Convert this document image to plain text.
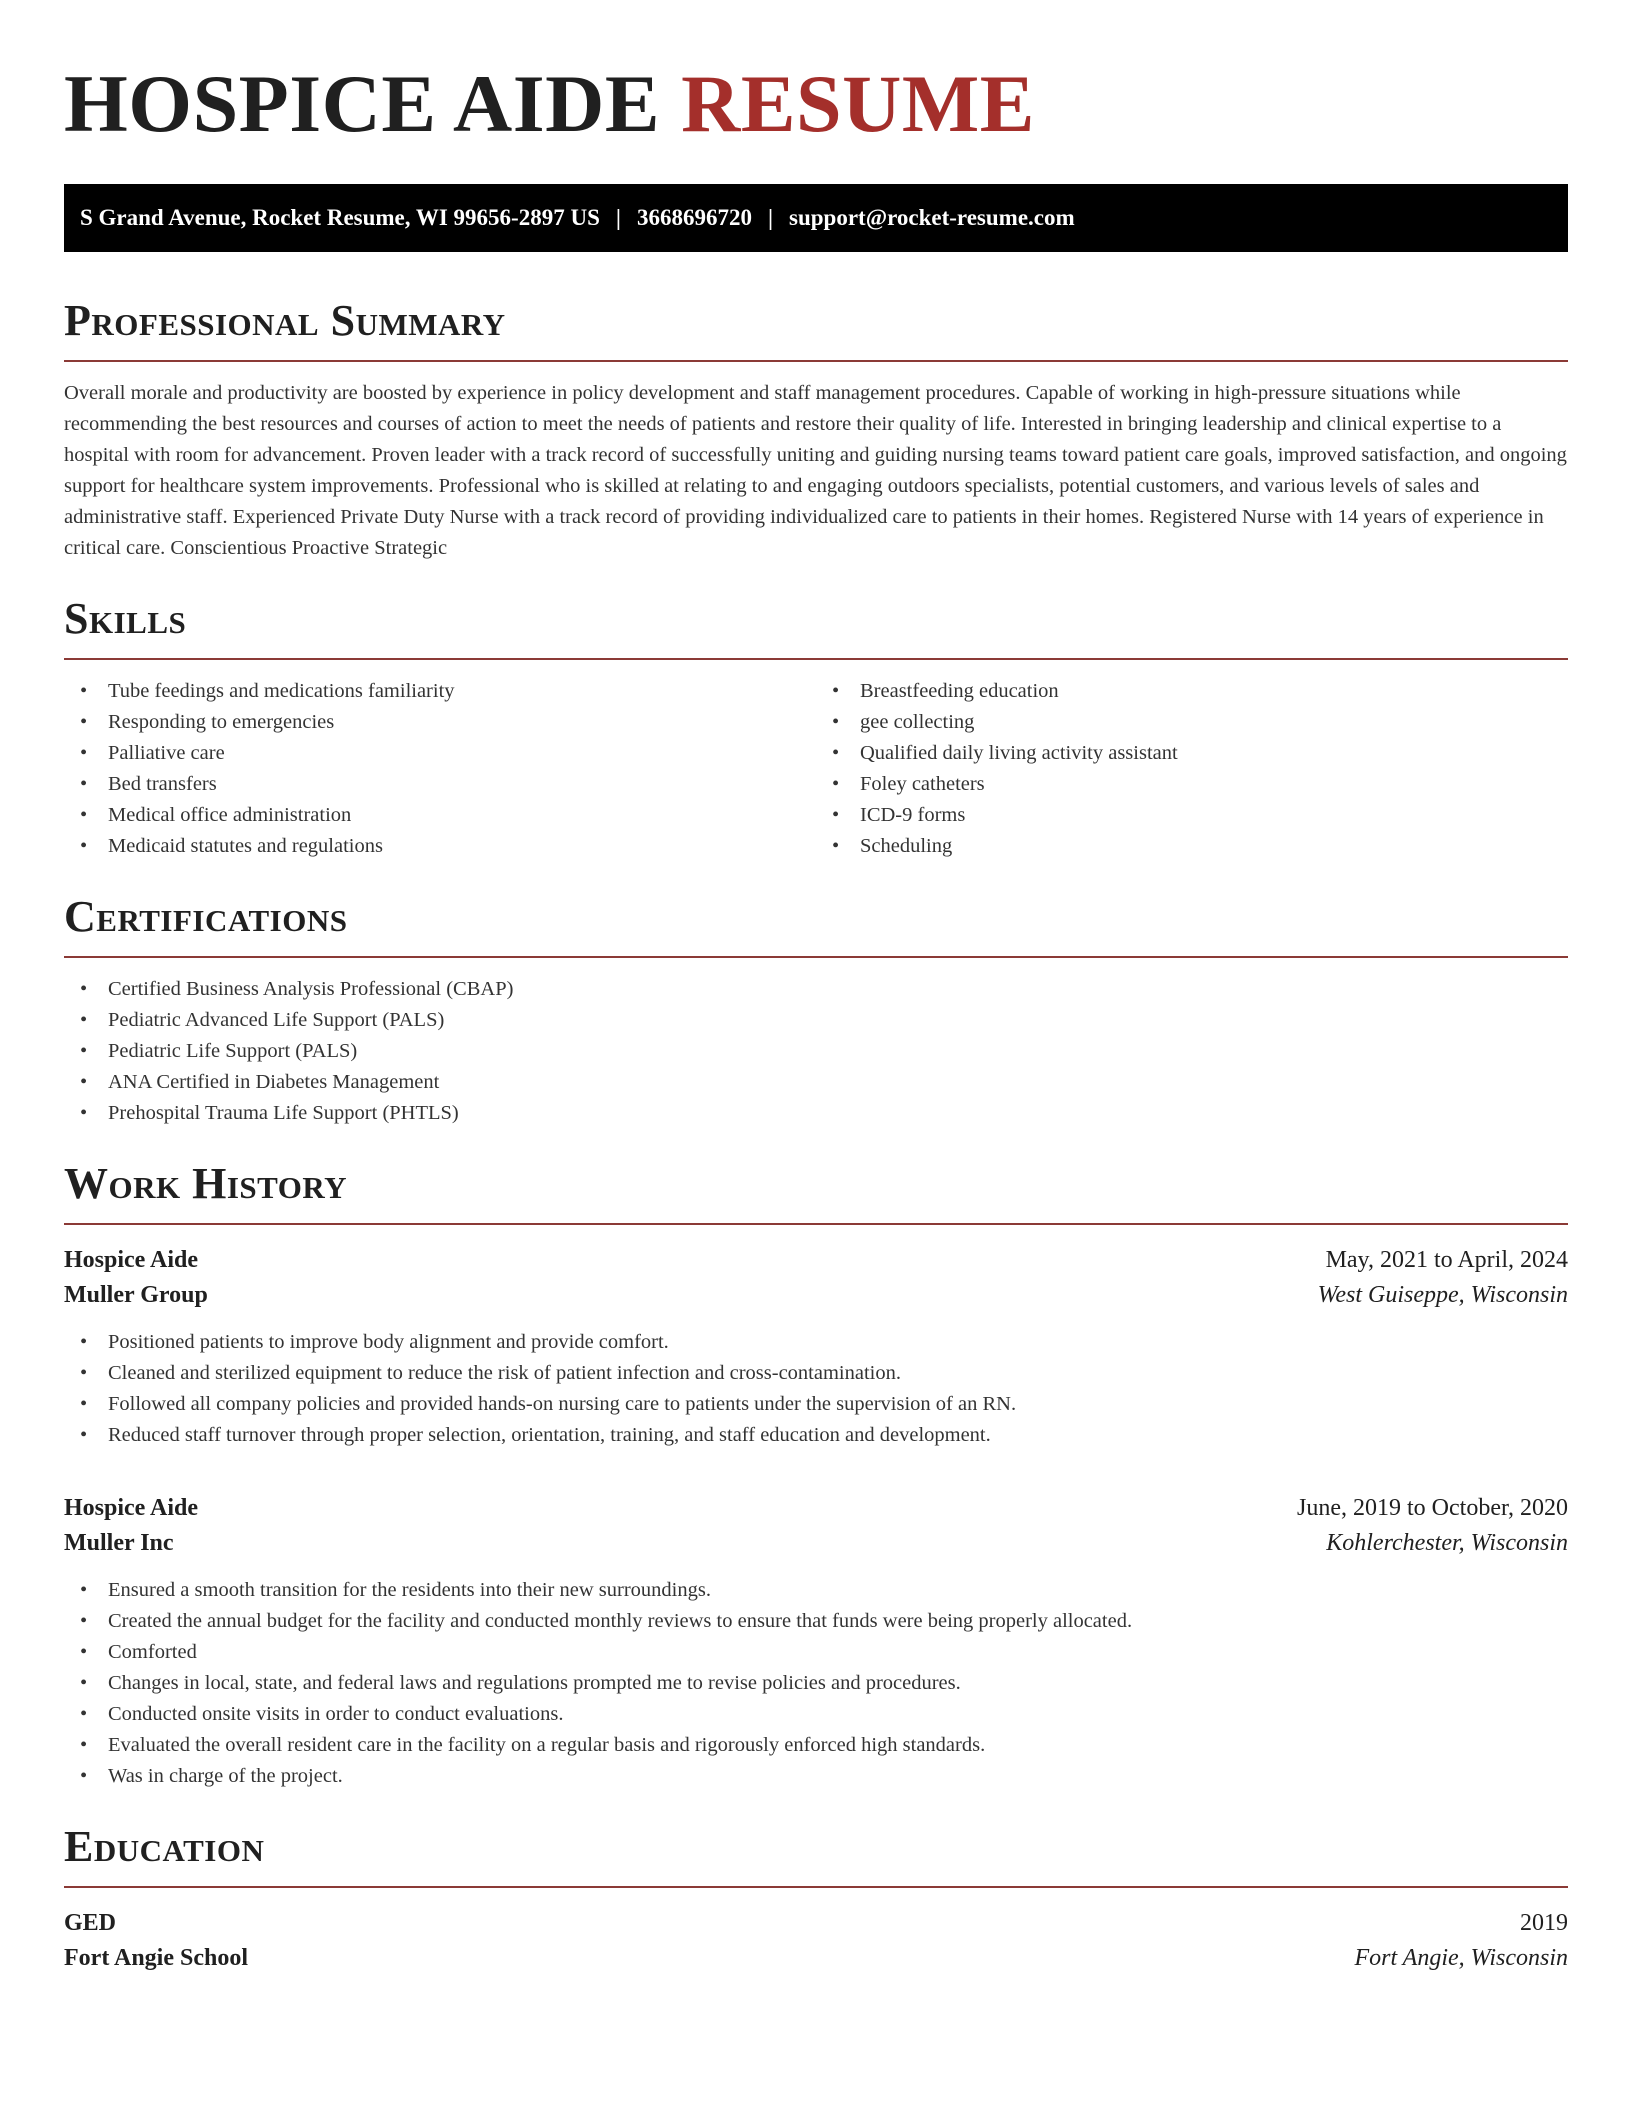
HOSPICE AIDE RESUME
S Grand Avenue, Rocket Resume, WI 99656-2897 US | 3668696720 | support@rocket-resume.com
Professional Summary

Overall morale and productivity are boosted by experience in policy development and staff management procedures. Capable of working in high-pressure situations while recommending the best resources and courses of action to meet the needs of patients and restore their quality of life. Interested in bringing leadership and clinical expertise to a hospital with room for advancement. Proven leader with a track record of successfully uniting and guiding nursing teams toward patient care goals, improved satisfaction, and ongoing support for healthcare system improvements. Professional who is skilled at relating to and engaging outdoors specialists, potential customers, and various levels of sales and administrative staff. Experienced Private Duty Nurse with a track record of providing individualized care to patients in their homes. Registered Nurse with 14 years of experience in critical care. Conscientious Proactive Strategic

Skills
• Tube feedings and medications familiarity
• Responding to emergencies
• Palliative care
• Bed transfers
• Medical office administration
• Medicaid statutes and regulations
• Breastfeeding education
• gee collecting
• Qualified daily living activity assistant
• Foley catheters
• ICD-9 forms
• Scheduling
Certifications
• Certified Business Analysis Professional (CBAP)
• Pediatric Advanced Life Support (PALS)
• Pediatric Life Support (PALS)
• ANA Certified in Diabetes Management
• Prehospital Trauma Life Support (PHTLS)
Work History
Hospice Aide	May, 2021 to April, 2024
Muller Group	West Guiseppe, Wisconsin
• Positioned patients to improve body alignment and provide comfort.
• Cleaned and sterilized equipment to reduce the risk of patient infection and cross-contamination.
• Followed all company policies and provided hands-on nursing care to patients under the supervision of an RN.
• Reduced staff turnover through proper selection, orientation, training, and staff education and development.
Hospice Aide	June, 2019 to October, 2020
Muller Inc	Kohlerchester, Wisconsin
• Ensured a smooth transition for the residents into their new surroundings.
• Created the annual budget for the facility and conducted monthly reviews to ensure that funds were being properly allocated.
• Comforted
• Changes in local, state, and federal laws and regulations prompted me to revise policies and procedures.
• Conducted onsite visits in order to conduct evaluations.
• Evaluated the overall resident care in the facility on a regular basis and rigorously enforced high standards.
• Was in charge of the project.
Education
GED	2019
Fort Angie School	Fort Angie, Wisconsin
